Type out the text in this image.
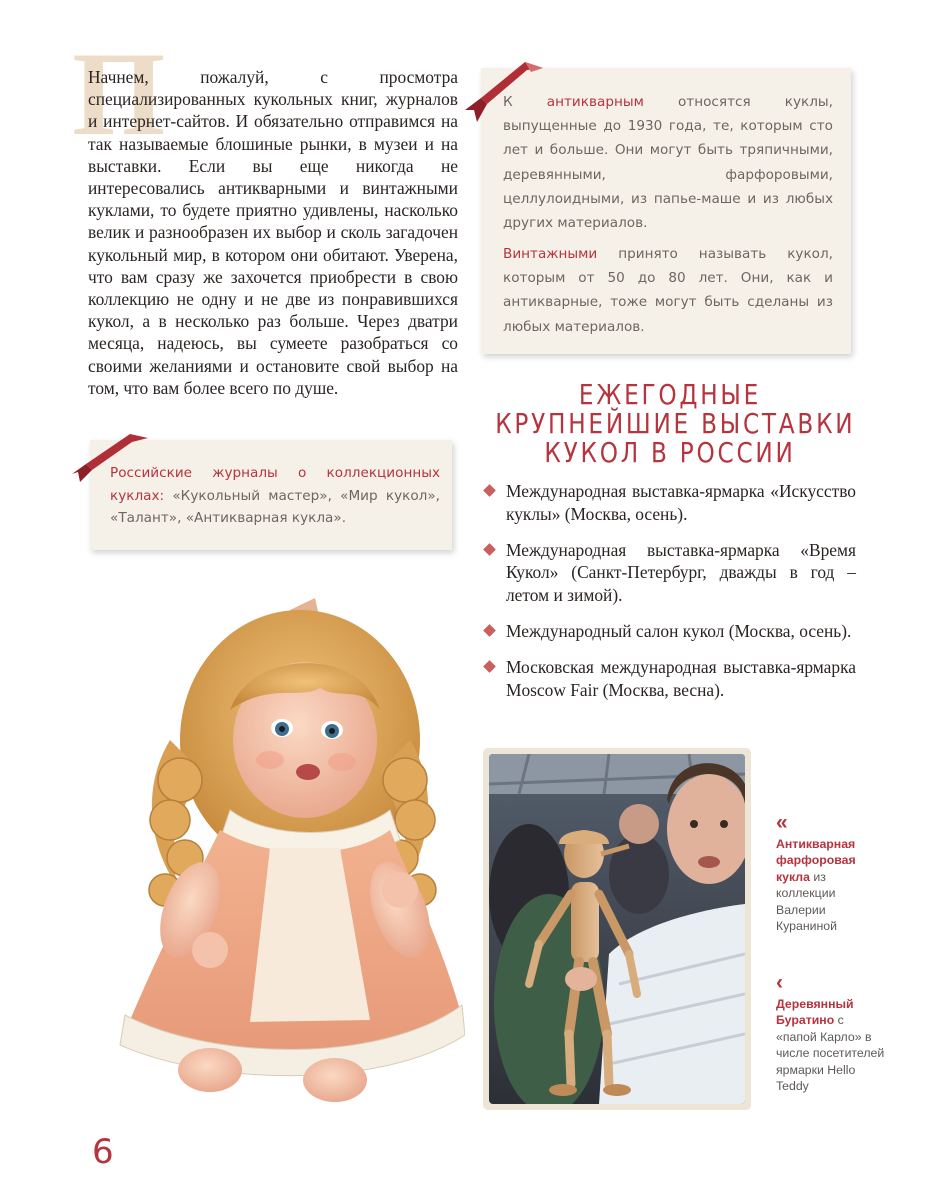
П
Начнем, пожалуй, с просмотра специализированных кукольных книг, журналов и интернет-сайтов. И обязательно отправимся на так называемые блошиные рынки, в музеи и на выставки. Если вы еще никогда не интересовались антикварными и винтажными куклами, то будете приятно удивлены, насколько велик и разнообразен их выбор и сколь загадочен кукольный мир, в котором они обитают. Уверена, что вам сразу же захочется приобрести в свою коллекцию не одну и не две из понравившихся кукол, а в несколько раз больше. Через дватри месяца, надеюсь, вы сумеете разобраться со своими желаниями и остановите свой выбор на том, что вам более всего по душе.
К антикварным относятся куклы, выпущенные до 1930 года, те, которым сто лет и больше. Они могут быть тряпичными, деревянными, фарфоровыми, целлулоидными, из папье-маше и из любых других материалов.
Винтажными принято называть кукол, которым от 50 до 80 лет. Они, как и антикварные, тоже могут быть сделаны из любых материалов.
Российские журналы о коллекционных куклах: «Кукольный мастер», «Мир кукол», «Талант», «Антикварная кукла».
ЕЖЕГОДНЫЕ
КРУПНЕЙШИЕ ВЫСТАВКИ
КУКОЛ В РОССИИ
Международная выставка-ярмарка «Искусство куклы» (Москва, осень).
Международная выставка-ярмарка «Время Кукол» (Санкт-Петербург, дважды в год – летом и зимой).
Международный салон кукол (Москва, осень).
Московская международная выставка-ярмарка Moscow Fair (Москва, весна).
«
Антикварная фарфоровая кукла из коллекции Валерии Кураниной
‹
Деревянный Буратино с «папой Карло» в числе посетителей ярмарки Hello Teddy
6
